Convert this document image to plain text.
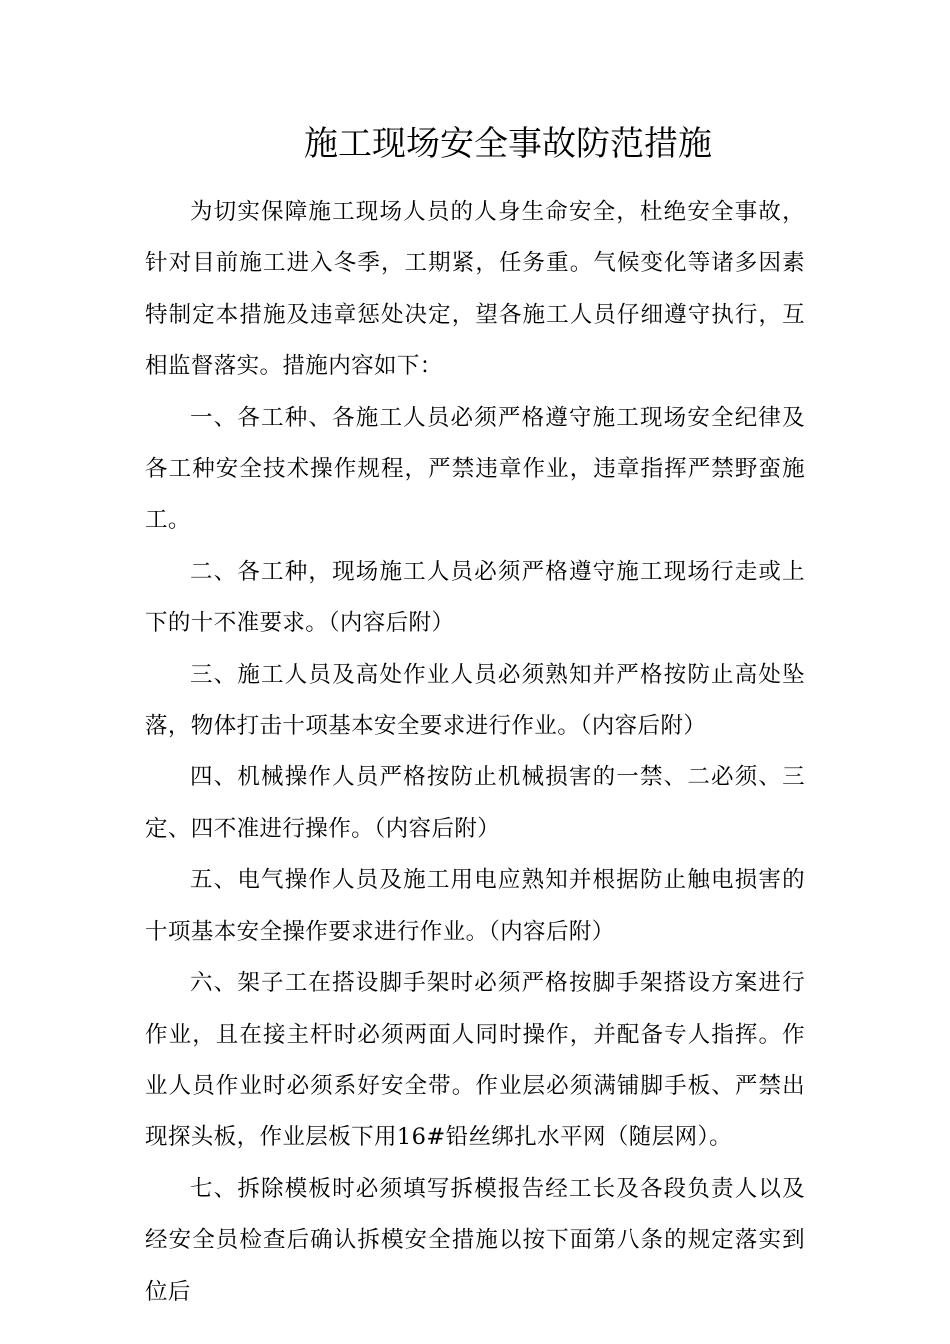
施工现场安全事故防范措施

为切实保障施工现场人员的人身生命安全，杜绝安全事故，针对目前施工进入冬季，工期紧，任务重。气候变化等诸多因素特制定本措施及违章惩处决定，望各施工人员仔细遵守执行，互相监督落实。措施内容如下：

一、各工种、各施工人员必须严格遵守施工现场安全纪律及各工种安全技术操作规程，严禁违章作业，违章指挥严禁野蛮施工。

二、各工种，现场施工人员必须严格遵守施工现场行走或上下的十不准要求。（内容后附）

三、施工人员及高处作业人员必须熟知并严格按防止高处坠落，物体打击十项基本安全要求进行作业。（内容后附）

四、机械操作人员严格按防止机械损害的一禁、二必须、三定、四不准进行操作。（内容后附）

五、电气操作人员及施工用电应熟知并根据防止触电损害的十项基本安全操作要求进行作业。（内容后附）

六、架子工在搭设脚手架时必须严格按脚手架搭设方案进行作业，且在接主杆时必须两面人同时操作，并配备专人指挥。作业人员作业时必须系好安全带。作业层必须满铺脚手板、严禁出现探头板，作业层板下用16#铅丝绑扎水平网（随层网）。

七、拆除模板时必须填写拆模报告经工长及各段负责人以及经安全员检查后确认拆模安全措施以按下面第八条的规定落实到位后
